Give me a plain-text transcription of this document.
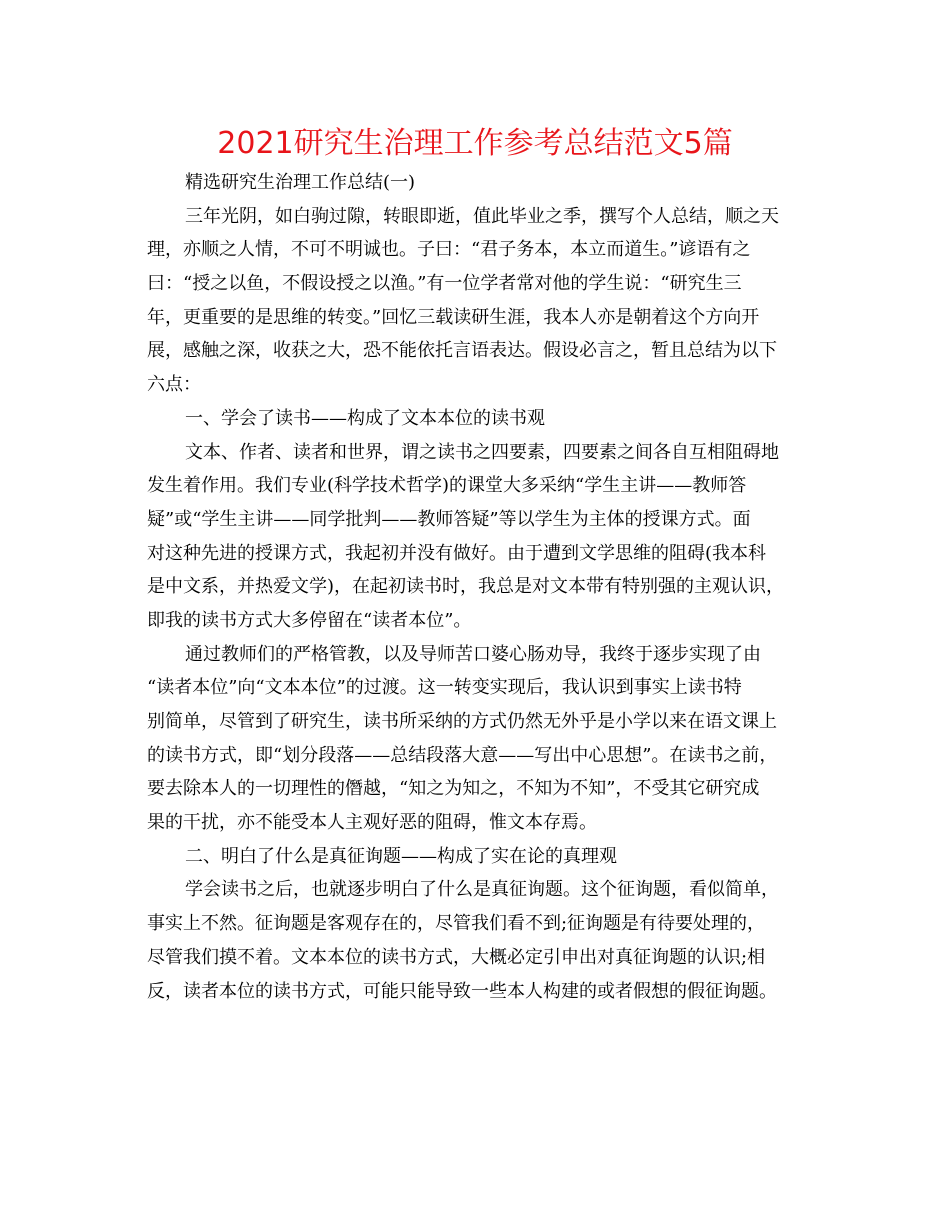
2021研究生治理工作参考总结范文5篇
精选研究生治理工作总结(一)
三年光阴，如白驹过隙，转眼即逝，值此毕业之季，撰写个人总结，顺之天
理，亦顺之人情，不可不明诚也。子曰：“君子务本，本立而道生。”谚语有之
曰：“授之以鱼，不假设授之以渔。”有一位学者常对他的学生说：“研究生三
年，更重要的是思维的转变。”回忆三载读研生涯，我本人亦是朝着这个方向开
展，感触之深，收获之大，恐不能依托言语表达。假设必言之，暂且总结为以下
六点：
一、学会了读书——构成了文本本位的读书观
文本、作者、读者和世界，谓之读书之四要素，四要素之间各自互相阻碍地
发生着作用。我们专业(科学技术哲学)的课堂大多采纳“学生主讲——教师答
疑”或“学生主讲——同学批判——教师答疑”等以学生为主体的授课方式。面
对这种先进的授课方式，我起初并没有做好。由于遭到文学思维的阻碍(我本科
是中文系，并热爱文学)，在起初读书时，我总是对文本带有特别强的主观认识，
即我的读书方式大多停留在“读者本位”。
通过教师们的严格管教，以及导师苦口婆心肠劝导，我终于逐步实现了由
“读者本位”向“文本本位”的过渡。这一转变实现后，我认识到事实上读书特
别简单，尽管到了研究生，读书所采纳的方式仍然无外乎是小学以来在语文课上
的读书方式，即“划分段落——总结段落大意——写出中心思想”。在读书之前，
要去除本人的一切理性的僭越，“知之为知之，不知为不知”，不受其它研究成
果的干扰，亦不能受本人主观好恶的阻碍，惟文本存焉。
二、明白了什么是真征询题——构成了实在论的真理观
学会读书之后，也就逐步明白了什么是真征询题。这个征询题，看似简单，
事实上不然。征询题是客观存在的，尽管我们看不到;征询题是有待要处理的，
尽管我们摸不着。文本本位的读书方式，大概必定引申出对真征询题的认识;相
反，读者本位的读书方式，可能只能导致一些本人构建的或者假想的假征询题。
